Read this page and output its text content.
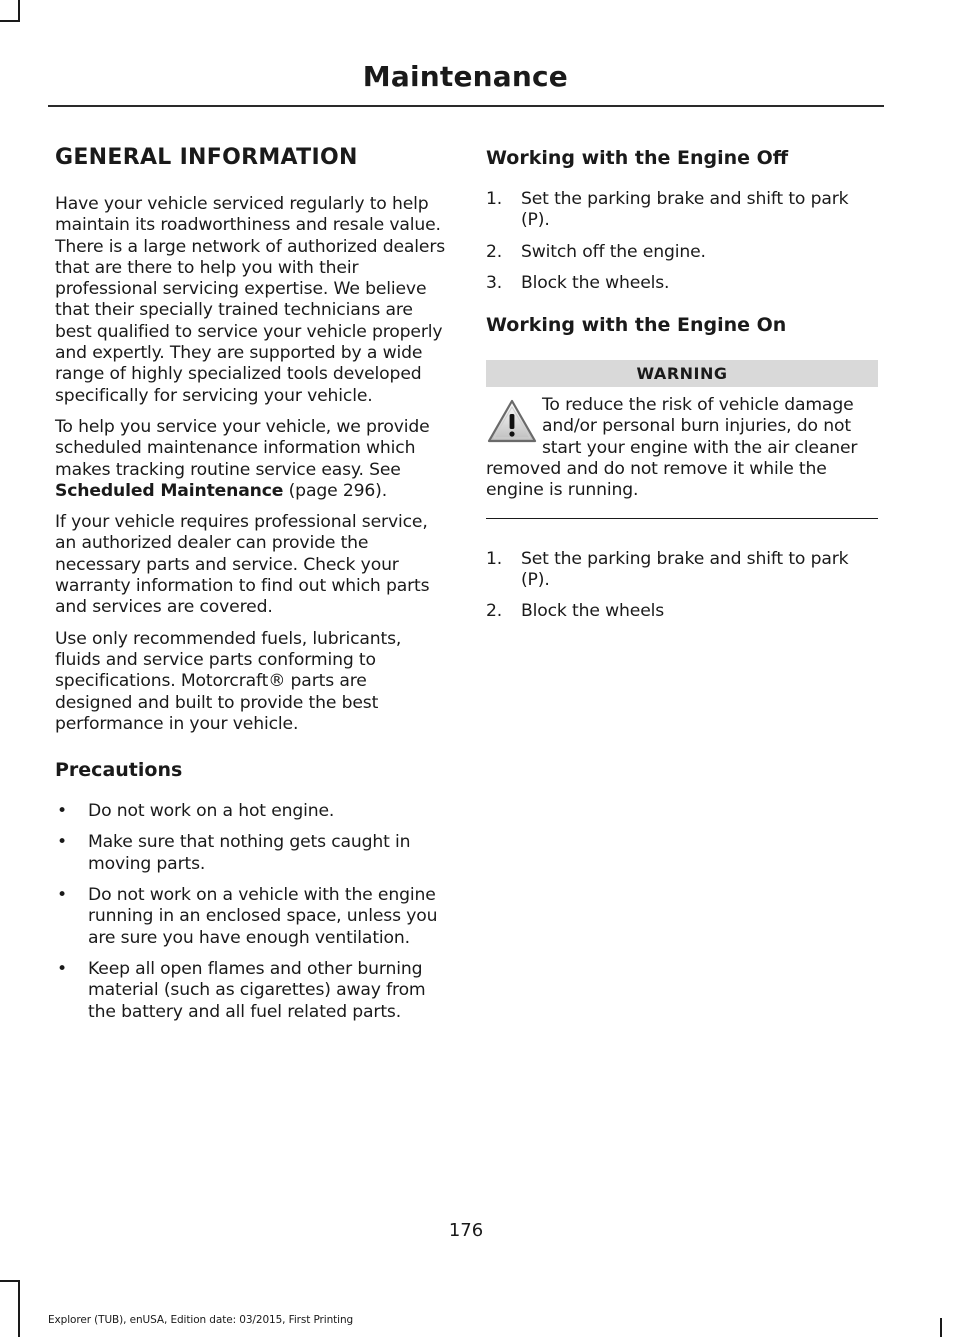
Maintenance
GENERAL INFORMATION

Have your vehicle serviced regularly to help maintain its roadworthiness and resale value. There is a large network of authorized dealers that are there to help you with their professional servicing expertise. We believe that their specially trained technicians are best qualified to service your vehicle properly and expertly. They are supported by a wide range of highly specialized tools developed specifically for servicing your vehicle.

To help you service your vehicle, we provide scheduled maintenance information which makes tracking routine service easy. See Scheduled Maintenance (page 296).

If your vehicle requires professional service, an authorized dealer can provide the necessary parts and service. Check your warranty information to find out which parts and services are covered.

Use only recommended fuels, lubricants, fluids and service parts conforming to specifications. Motorcraft® parts are designed and built to provide the best performance in your vehicle.

Precautions
• Do not work on a hot engine.
• Make sure that nothing gets caught in moving parts.
• Do not work on a vehicle with the engine running in an enclosed space, unless you are sure you have enough ventilation.
• Keep all open flames and other burning material (such as cigarettes) away from the battery and all fuel related parts.
Working with the Engine Off
1. Set the parking brake and shift to park (P).
2. Switch off the engine.
3. Block the wheels.
Working with the Engine On
WARNING

To reduce the risk of vehicle damage and/or personal burn injuries, do not start your engine with the air cleaner removed and do not remove it while the engine is running.

1. Set the parking brake and shift to park (P).
2. Block the wheels
176
Explorer (TUB), enUSA, Edition date: 03/2015, First Printing
